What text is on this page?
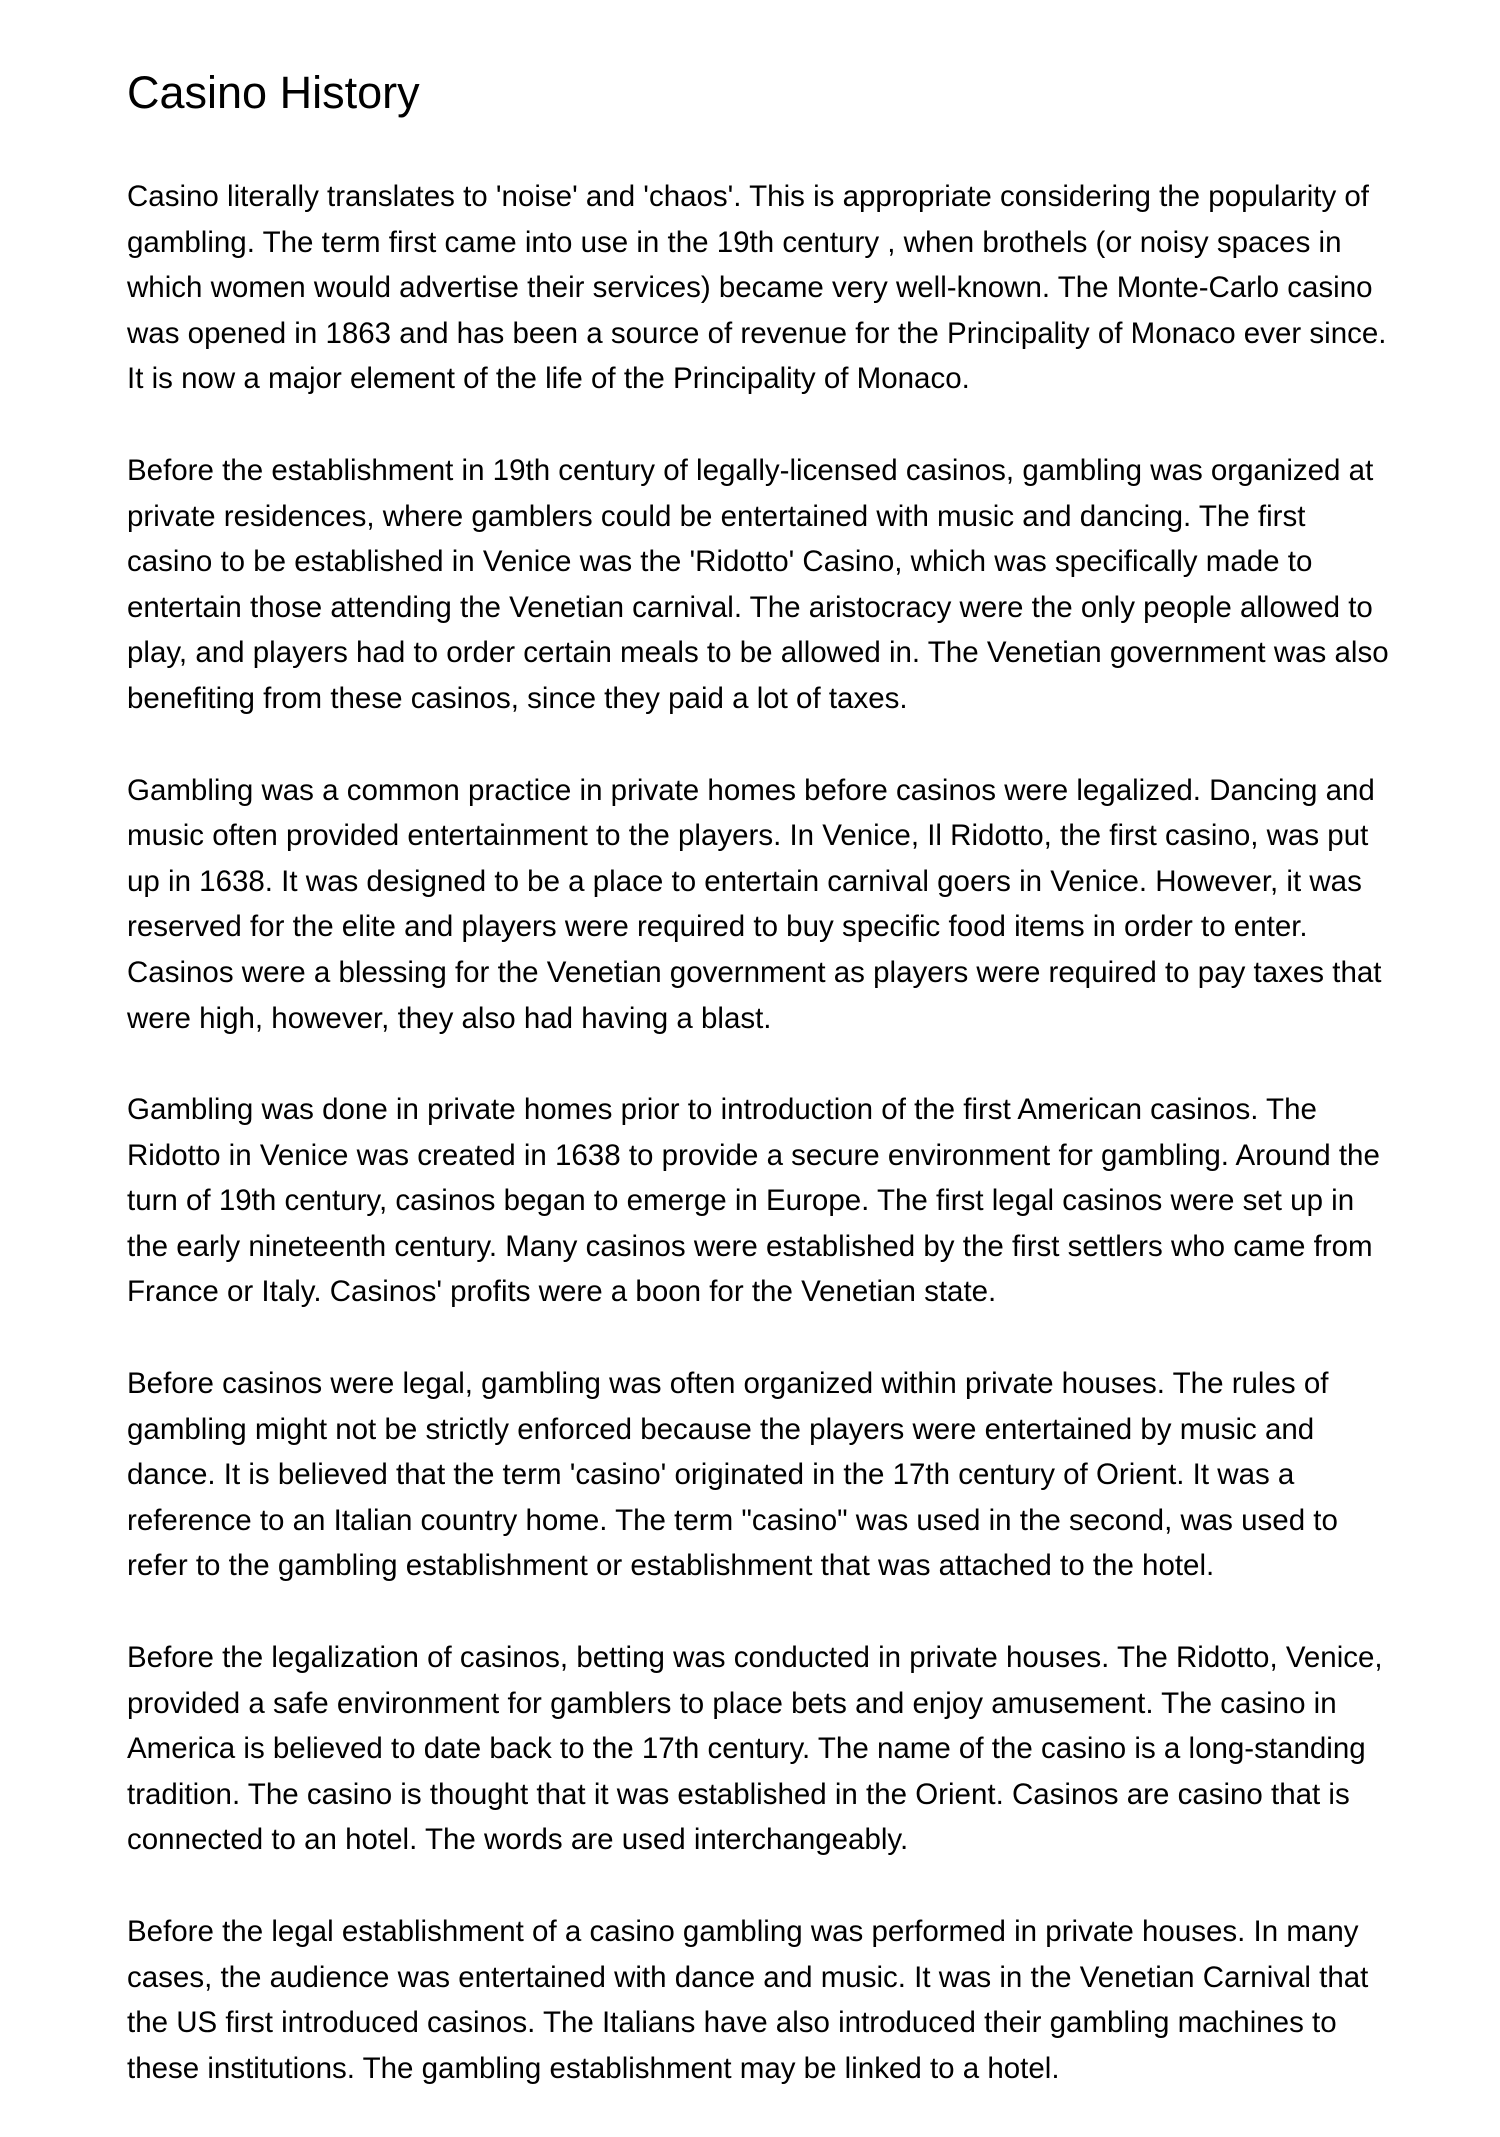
Casino History

Casino literally translates to 'noise' and 'chaos'. This is appropriate considering the popularity of gambling. The term first came into use in the 19th century , when brothels (or noisy spaces in which women would advertise their services) became very well-known. The Monte-Carlo casino was opened in 1863 and has been a source of revenue for the Principality of Monaco ever since. It is now a major element of the life of the Principality of Monaco.

Before the establishment in 19th century of legally-licensed casinos, gambling was organized at private residences, where gamblers could be entertained with music and dancing. The first casino to be established in Venice was the 'Ridotto' Casino, which was specifically made to entertain those attending the Venetian carnival. The aristocracy were the only people allowed to play, and players had to order certain meals to be allowed in. The Venetian government was also benefiting from these casinos, since they paid a lot of taxes.

Gambling was a common practice in private homes before casinos were legalized. Dancing and music often provided entertainment to the players. In Venice, Il Ridotto, the first casino, was put up in 1638. It was designed to be a place to entertain carnival goers in Venice. However, it was reserved for the elite and players were required to buy specific food items in order to enter. Casinos were a blessing for the Venetian government as players were required to pay taxes that were high, however, they also had having a blast.

Gambling was done in private homes prior to introduction of the first American casinos. The Ridotto in Venice was created in 1638 to provide a secure environment for gambling. Around the turn of 19th century, casinos began to emerge in Europe. The first legal casinos were set up in the early nineteenth century. Many casinos were established by the first settlers who came from France or Italy. Casinos' profits were a boon for the Venetian state.

Before casinos were legal, gambling was often organized within private houses. The rules of gambling might not be strictly enforced because the players were entertained by music and dance. It is believed that the term 'casino' originated in the 17th century of Orient. It was a reference to an Italian country home. The term "casino" was used in the second, was used to refer to the gambling establishment or establishment that was attached to the hotel.

Before the legalization of casinos, betting was conducted in private houses. The Ridotto, Venice, provided a safe environment for gamblers to place bets and enjoy amusement. The casino in America is believed to date back to the 17th century. The name of the casino is a long-standing tradition. The casino is thought that it was established in the Orient. Casinos are casino that is connected to an hotel. The words are used interchangeably.

Before the legal establishment of a casino gambling was performed in private houses. In many cases, the audience was entertained with dance and music. It was in the Venetian Carnival that the US first introduced casinos. The Italians have also introduced their gambling machines to these institutions. The gambling establishment may be linked to a hotel.
